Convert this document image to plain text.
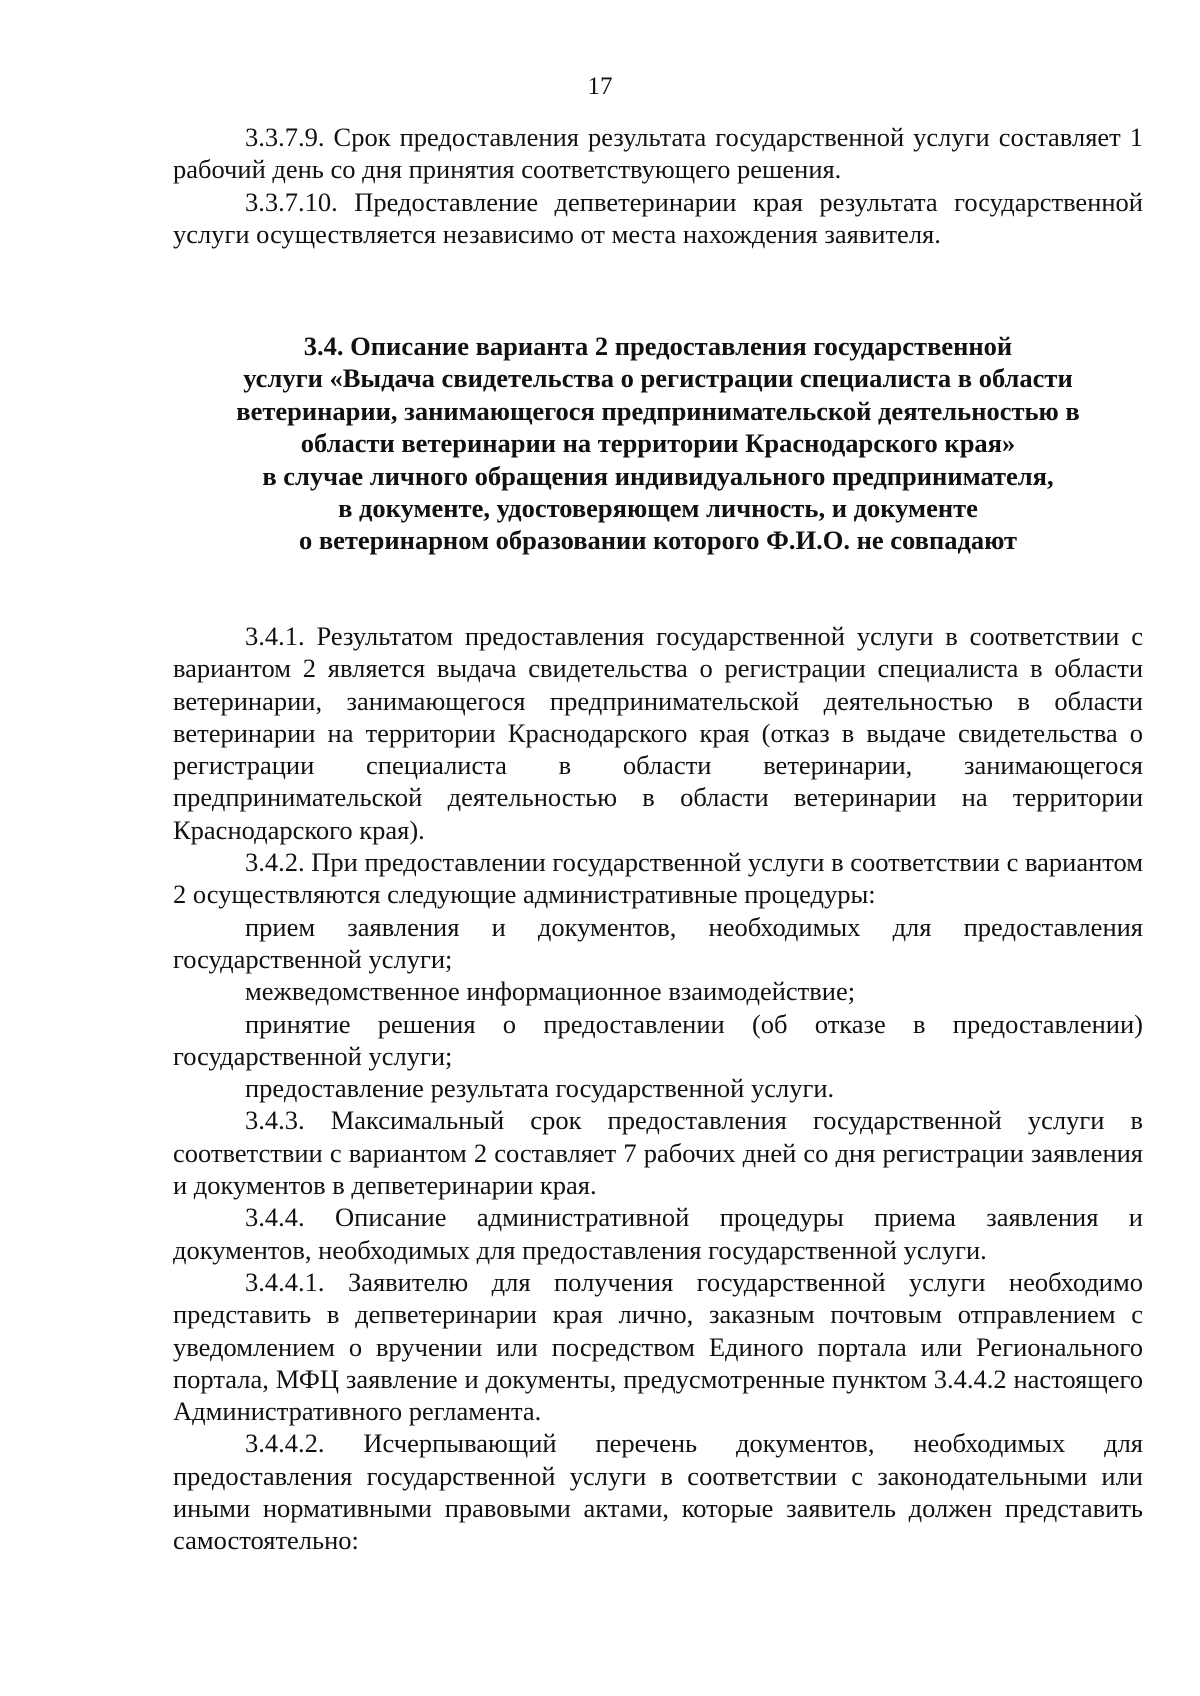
17

3.3.7.9. Срок предоставления результата государственной услуги составляет 1 рабочий день со дня принятия соответствующего решения.

3.3.7.10. Предоставление депветеринарии края результата государственной услуги осуществляется независимо от места нахождения заявителя.

3.4. Описание варианта 2 предоставления государственной
услуги «Выдача свидетельства о регистрации специалиста в области
ветеринарии, занимающегося предпринимательской деятельностью в
области ветеринарии на территории Краснодарского края»
в случае личного обращения индивидуального предпринимателя,
в документе, удостоверяющем личность, и документе
о ветеринарном образовании которого Ф.И.О. не совпадают

3.4.1. Результатом предоставления государственной услуги в соответствии с вариантом 2 является выдача свидетельства о регистрации специалиста в области ветеринарии, занимающегося предпринимательской деятельностью в области ветеринарии на территории Краснодарского края (отказ в выдаче свидетельства о регистрации специалиста в области ветеринарии, занимающегося предпринимательской деятельностью в области ветеринарии на территории Краснодарского края).

3.4.2. При предоставлении государственной услуги в соответствии с вариантом 2 осуществляются следующие административные процедуры:

прием заявления и документов, необходимых для предоставления государственной услуги;

межведомственное информационное взаимодействие;

принятие решения о предоставлении (об отказе в предоставлении) государственной услуги;

предоставление результата государственной услуги.

3.4.3. Максимальный срок предоставления государственной услуги в соответствии с вариантом 2 составляет 7 рабочих дней со дня регистрации заявления и документов в депветеринарии края.

3.4.4. Описание административной процедуры приема заявления и документов, необходимых для предоставления государственной услуги.

3.4.4.1. Заявителю для получения государственной услуги необходимо представить в депветеринарии края лично, заказным почтовым отправлением с уведомлением о вручении или посредством Единого портала или Регионального портала, МФЦ заявление и документы, предусмотренные пунктом 3.4.4.2 настоящего Административного регламента.

3.4.4.2. Исчерпывающий перечень документов, необходимых для предоставления государственной услуги в соответствии с законодательными или иными нормативными правовыми актами, которые заявитель должен представить самостоятельно:
